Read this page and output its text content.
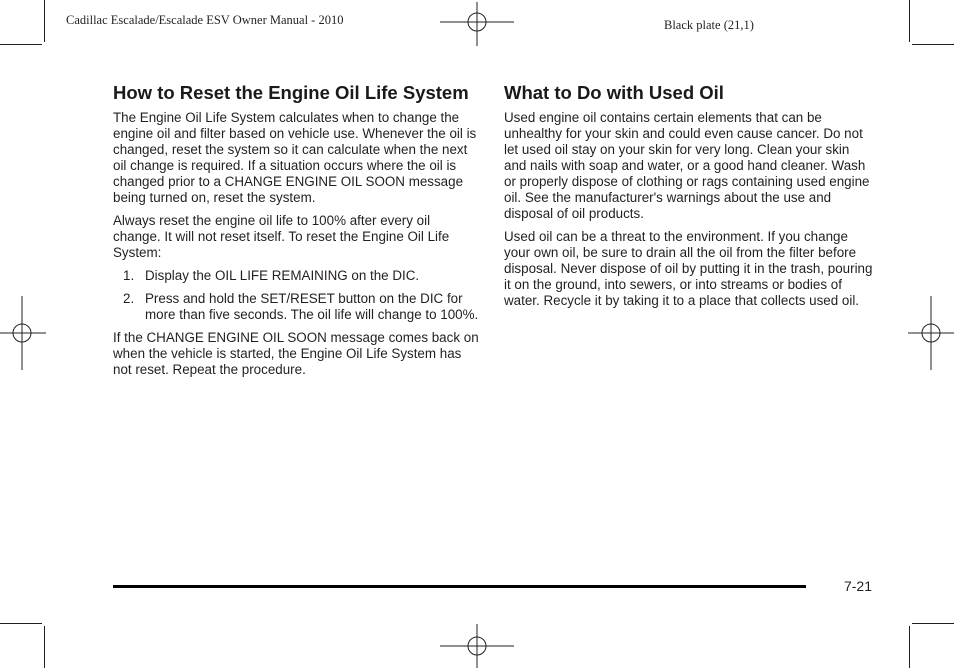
Cadillac Escalade/Escalade ESV Owner Manual - 2010	Black plate (21,1)
How to Reset the Engine Oil Life System

The Engine Oil Life System calculates when to change the engine oil and filter based on vehicle use. Whenever the oil is changed, reset the system so it can calculate when the next oil change is required. If a situation occurs where the oil is changed prior to a CHANGE ENGINE OIL SOON message being turned on, reset the system.

Always reset the engine oil life to 100% after every oil change. It will not reset itself. To reset the Engine Oil Life System:

1. Display the OIL LIFE REMAINING on the DIC.
2. Press and hold the SET/RESET button on the DIC for more than five seconds. The oil life will change to 100%.

If the CHANGE ENGINE OIL SOON message comes back on when the vehicle is started, the Engine Oil Life System has not reset. Repeat the procedure.

What to Do with Used Oil

Used engine oil contains certain elements that can be unhealthy for your skin and could even cause cancer. Do not let used oil stay on your skin for very long. Clean your skin and nails with soap and water, or a good hand cleaner. Wash or properly dispose of clothing or rags containing used engine oil. See the manufacturer's warnings about the use and disposal of oil products.

Used oil can be a threat to the environment. If you change your own oil, be sure to drain all the oil from the filter before disposal. Never dispose of oil by putting it in the trash, pouring it on the ground, into sewers, or into streams or bodies of water. Recycle it by taking it to a place that collects used oil.

7-21
